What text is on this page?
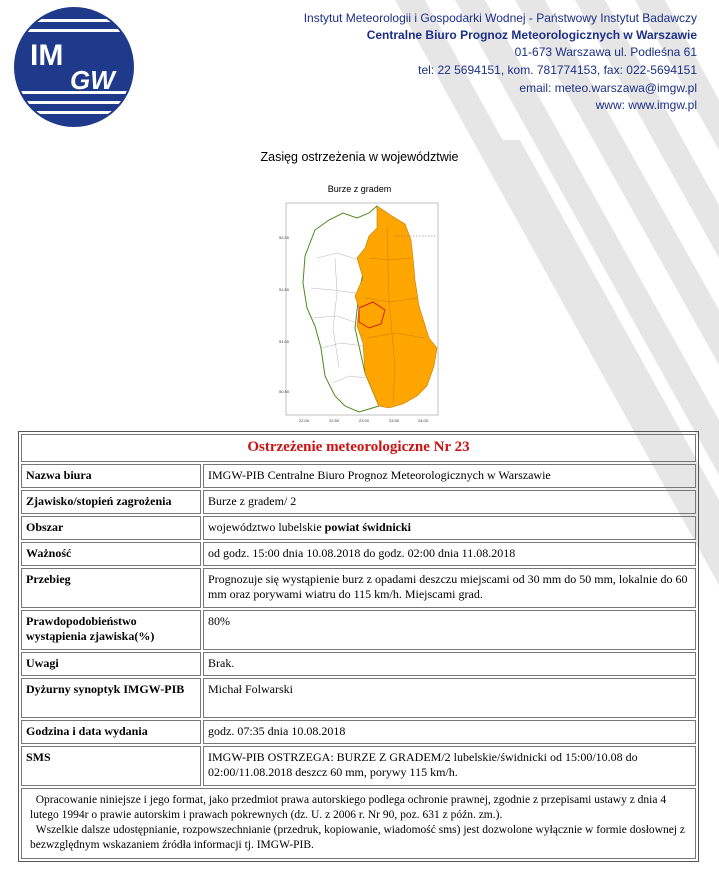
IM
GW
Instytut Meteorologii i Gospodarki Wodnej - Państwowy Instytut Badawczy
Centralne Biuro Prognoz Meteorologicznych w Warszawie
01-673 Warszawa ul. Podleśna 61
tel: 22 5694151, kom. 781774153, fax: 022-5694151
email: meteo.warszawa@imgw.pl
www: www.imgw.pl
Zasięg ostrzeżenia w województwie
Burze z gradem
52.00
51.50
51.00
50.50
22.00	22.50	23.00	23.50	24.00
Ostrzeżenie meteorologiczne Nr 23	
Nazwa biura	IMGW-PIB Centralne Biuro Prognoz Meteorologicznych w Warszawie
Zjawisko/stopień zagrożenia	Burze z gradem/ 2
Obszar	województwo lubelskie powiat świdnicki
Ważność	od godz. 15:00 dnia 10.08.2018 do godz. 02:00 dnia 11.08.2018
Przebieg	Prognozuje się wystąpienie burz z opadami deszczu miejscami od 30 mm do 50 mm, lokalnie do 60 mm oraz porywami wiatru do 115 km/h. Miejscami grad.
Prawdopodobieństwo wystąpienia zjawiska(%)	80%
Uwagi	Brak.
Dyżurny synoptyk IMGW-PIB	Michał Folwarski
Godzina i data wydania	godz. 07:35 dnia 10.08.2018
SMS	IMGW-PIB OSTRZEGA: BURZE Z GRADEM/2 lubelskie/świdnicki od 15:00/10.08 do 02:00/11.08.2018 deszcz 60 mm, porywy 115 km/h.

Opracowanie niniejsze i jego format, jako przedmiot prawa autorskiego podlega ochronie prawnej, zgodnie z przepisami ustawy z dnia 4 lutego 1994r o prawie autorskim i prawach pokrewnych (dz. U. z 2006 r. Nr 90, poz. 631 z późn. zm.).

Wszelkie dalsze udostępnianie, rozpowszechnianie (przedruk, kopiowanie, wiadomość sms) jest dozwolone wyłącznie w formie dosłownej z bezwzględnym wskazaniem źródła informacji tj. IMGW-PIB.	
